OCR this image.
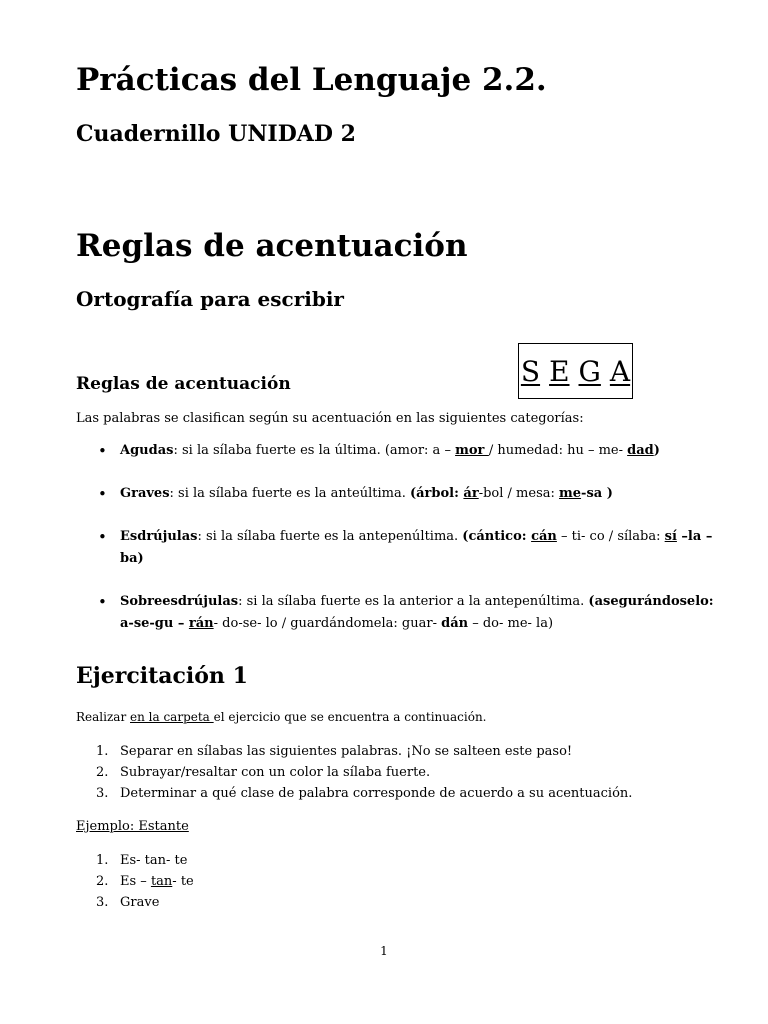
Prácticas del Lenguaje 2.2.
Cuadernillo UNIDAD 2
Reglas de acentuación
Ortografía para escribir
S E G A
Reglas de acentuación
Las palabras se clasifican según su acentuación en las siguientes categorías:
• Agudas: si la sílaba fuerte es la última. (amor: a – mor / humedad: hu – me- dad)
• Graves: si la sílaba fuerte es la anteúltima. (árbol: ár-bol / mesa: me-sa )
• Esdrújulas: si la sílaba fuerte es la antepenúltima. (cántico: cán – ti- co / sílaba: sí –la –ba)
• Sobreesdrújulas: si la sílaba fuerte es la anterior a la antepenúltima. (asegurándoselo: a-se-gu – rán- do-se- lo / guardándomela: guar- dán – do- me- la)
Ejercitación 1
Realizar en la carpeta el ejercicio que se encuentra a continuación.
1. Separar en sílabas las siguientes palabras. ¡No se salteen este paso!
2. Subrayar/resaltar con un color la sílaba fuerte.
3. Determinar a qué clase de palabra corresponde de acuerdo a su acentuación.
Ejemplo: Estante
1. Es- tan- te
2. Es – tan- te
3. Grave
1
